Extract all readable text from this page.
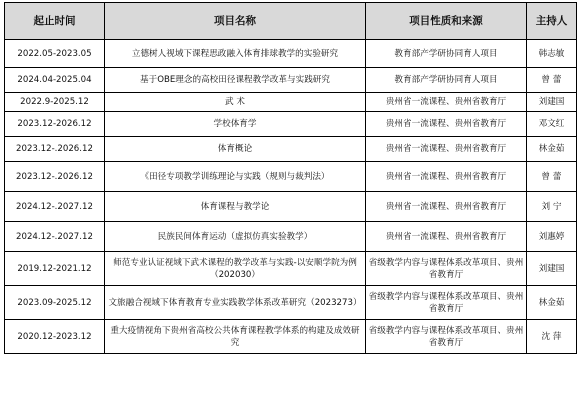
起止时间	项目名称	项目性质和来源	主持人
2022.05-2023.05	立德树人视域下课程思政融入体育排球教学的实验研究	教育部产学研协同育人项目	韩志敏
2024.04-2025.04	基于OBE理念的高校田径课程教学改革与实践研究	教育部产学研协同育人项目	曾 蕾
2022.9-2025.12	武 术	贵州省一流课程、贵州省教育厅	刘建国
2023.12-2026.12	学校体育学	贵州省一流课程、贵州省教育厅	邓文红
2023.12-.2026.12	体育概论	贵州省一流课程、贵州省教育厅	林金茹
2023.12-.2026.12	《田径专项教学训练理论与实践（规则与裁判法）	贵州省一流课程、贵州省教育厅	曾 蕾
2024.12-.2027.12	体育课程与教学论	贵州省一流课程、贵州省教育厅	刘 宁
2024.12-.2027.12	民族民间体育运动（虚拟仿真实验教学）	贵州省一流课程、贵州省教育厅	刘惠婷
2019.12-2021.12	师范专业认证视域下武术课程的教学改革与实践-以安顺学院为例（202030）	省级教学内容与课程体系改革项目、贵州省教育厅	刘建国
2023.09-2025.12	文旅融合视域下体育教育专业实践教学体系改革研究（2023273）	省级教学内容与课程体系改革项目、贵州省教育厅	林金茹
2020.12-2023.12	重大疫情视角下贵州省高校公共体育课程教学体系的构建及成效研究	省级教学内容与课程体系改革项目、贵州省教育厅	沈 萍
